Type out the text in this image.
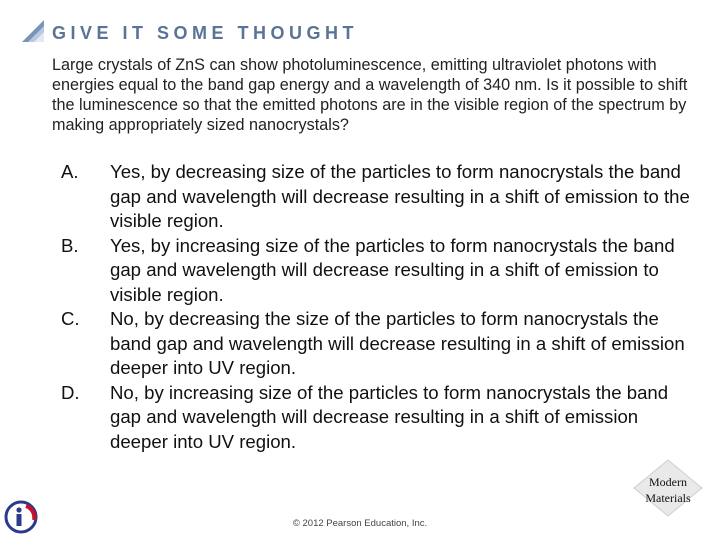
GIVE IT SOME THOUGHT
Large crystals of ZnS can show photoluminescence, emitting ultraviolet photons with energies equal to the band gap energy and a wavelength of 340 nm. Is it possible to shift the luminescence so that the emitted photons are in the visible region of the spectrum by making appropriately sized nanocrystals?
A. Yes, by decreasing size of the particles to form nanocrystals the band gap and wavelength will decrease resulting in a shift of emission to the visible region.
B. Yes, by increasing size of the particles to form nanocrystals the band gap and wavelength will decrease resulting in a shift of emission to visible region.
C. No, by decreasing the size of the particles to form nanocrystals the band gap and wavelength will decrease resulting in a shift of emission deeper into UV region.
D. No, by increasing size of the particles to form nanocrystals the band gap and wavelength will decrease resulting in a shift of emission deeper into UV region.
© 2012 Pearson Education, Inc.
Modern
Materials
